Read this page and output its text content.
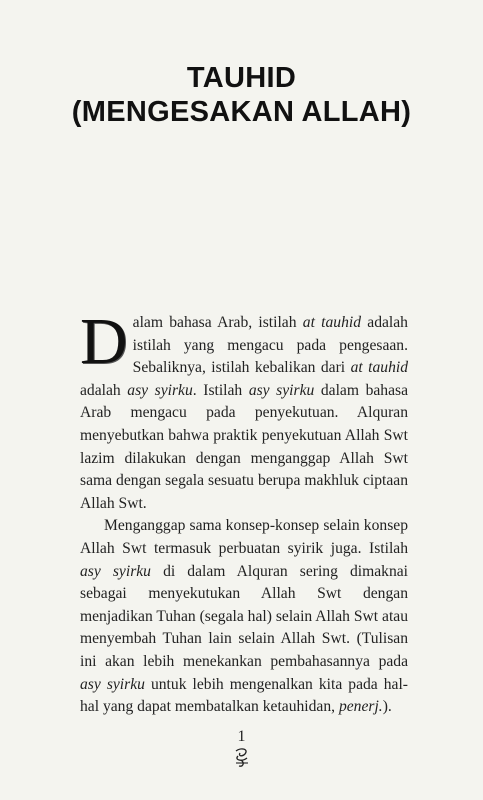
TAUHID
(MENGESAKAN ALLAH)

Dalam bahasa Arab, istilah at tauhid adalah istilah yang mengacu pada pengesaan. Sebaliknya, istilah kebalikan dari at tauhid adalah asy syirku. Istilah asy syirku dalam bahasa Arab mengacu pada penyekutuan. Alquran menyebutkan bahwa praktik penyekutuan Allah Swt lazim dilakukan dengan menganggap Allah Swt sama dengan segala sesuatu berupa makhluk ciptaan Allah Swt.

Menganggap sama konsep-konsep selain konsep Allah Swt termasuk perbuatan syirik juga. Istilah asy syirku di dalam Alquran sering dimaknai sebagai menyekutukan Allah Swt dengan menjadikan Tuhan (segala hal) selain Allah Swt atau menyembah Tuhan lain selain Allah Swt. (Tulisan ini akan lebih menekankan pembahasannya pada asy syirku untuk lebih mengenalkan kita pada hal-hal yang dapat membatalkan ketauhidan, penerj.).

1
